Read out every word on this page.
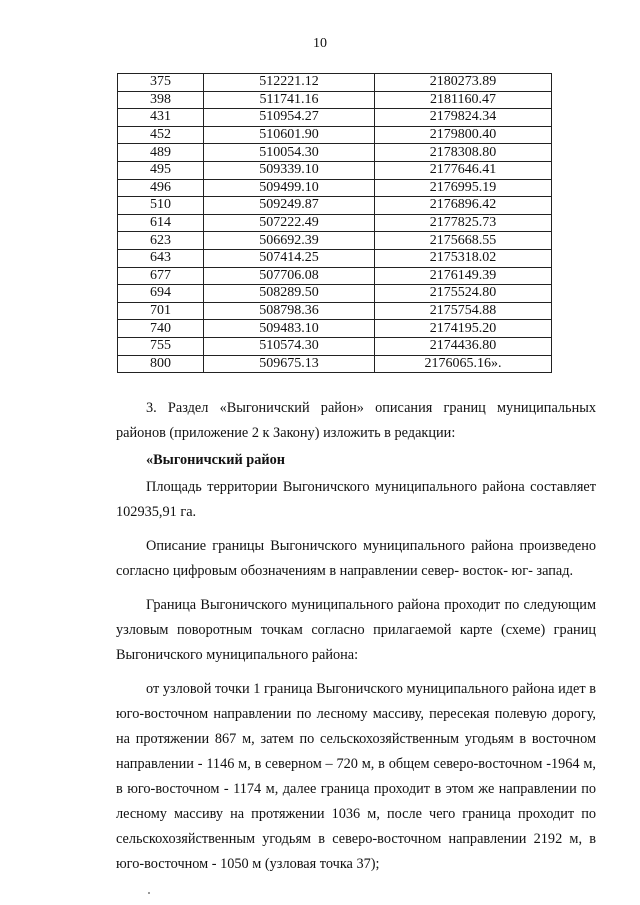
10
375	512221.12	2180273.89
398	511741.16	2181160.47
431	510954.27	2179824.34
452	510601.90	2179800.40
489	510054.30	2178308.80
495	509339.10	2177646.41
496	509499.10	2176995.19
510	509249.87	2176896.42
614	507222.49	2177825.73
623	506692.39	2175668.55
643	507414.25	2175318.02
677	507706.08	2176149.39
694	508289.50	2175524.80
701	508798.36	2175754.88
740	509483.10	2174195.20
755	510574.30	2174436.80
800	509675.13	2176065.16».

3. Раздел «Выгоничский район» описания границ муниципальных районов (приложение 2 к Закону) изложить в редакции:

«Выгоничский район

Площадь территории Выгоничского муниципального района составляет 102935,91 га.

Описание границы Выгоничского муниципального района произведено согласно цифровым обозначениям в направлении север- восток- юг- запад.

Граница Выгоничского муниципального района проходит по следующим узловым поворотным точкам согласно прилагаемой карте (схеме) границ Выгоничского муниципального района:

от узловой точки 1 граница Выгоничского муниципального района идет в юго-восточном направлении по лесному массиву, пересекая полевую дорогу, на протяжении 867 м, затем по сельскохозяйственным угодьям в восточном направлении - 1146 м, в северном – 720 м, в общем северо-восточном -1964 м, в юго-восточном - 1174 м, далее граница проходит в этом же направлении по лесному массиву на протяжении 1036 м, после чего граница проходит по сельскохозяйственным угодьям в северо-восточном направлении 2192 м, в юго-восточном - 1050 м (узловая точка 37);
